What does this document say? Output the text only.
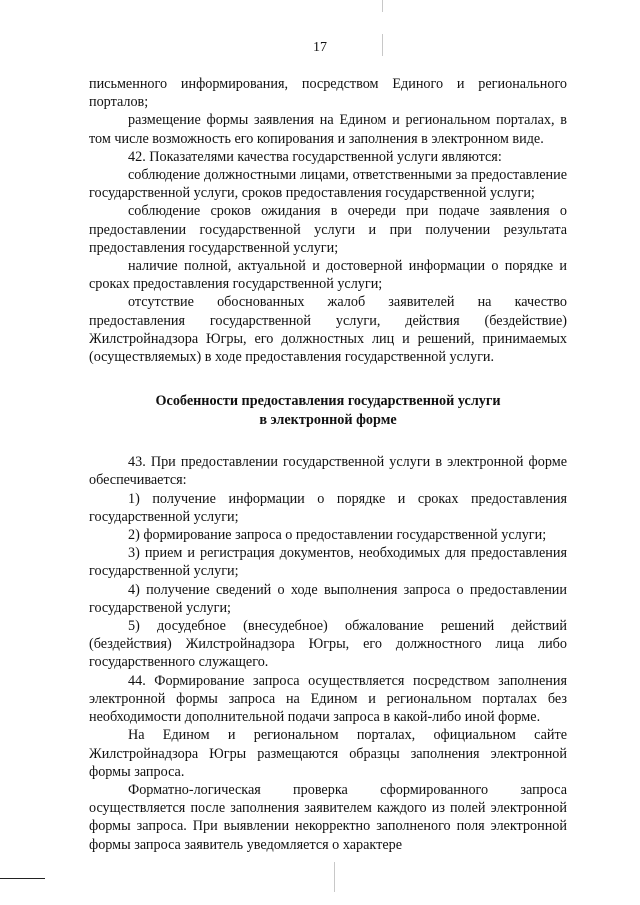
17

письменного информирования, посредством Единого и регионального порталов;

размещение формы заявления на Едином и региональном порталах, в том числе возможность его копирования и заполнения в электронном виде.

42. Показателями качества государственной услуги являются:

соблюдение должностными лицами, ответственными за предоставление государственной услуги, сроков предоставления государственной услуги;

соблюдение сроков ожидания в очереди при подаче заявления о предоставлении государственной услуги и при получении результата предоставления государственной услуги;

наличие полной, актуальной и достоверной информации о порядке и сроках предоставления государственной услуги;

отсутствие обоснованных жалоб заявителей на качество предоставления государственной услуги, действия (бездействие) Жилстройнадзора Югры, его должностных лиц и решений, принимаемых (осуществляемых) в ходе предоставления государственной услуги.

Особенности предоставления государственной услуги
в электронной форме

43. При предоставлении государственной услуги в электронной форме обеспечивается:

1) получение информации о порядке и сроках предоставления государственной услуги;

2) формирование запроса о предоставлении государственной услуги;

3) прием и регистрация документов, необходимых для предоставления государственной услуги;

4) получение сведений о ходе выполнения запроса о предоставлении государственой услуги;

5) досудебное (внесудебное) обжалование решений действий (бездействия) Жилстройнадзора Югры, его должностного лица либо государственного служащего.

44. Формирование запроса осуществляется посредством заполнения электронной формы запроса на Едином и региональном порталах без необходимости дополнительной подачи запроса в какой-либо иной форме.

На Едином и региональном порталах, официальном сайте Жилстройнадзора Югры размещаются образцы заполнения электронной формы запроса.

Форматно-логическая проверка сформированного запроса осуществляется после заполнения заявителем каждого из полей электронной формы запроса. При выявлении некорректно заполненого поля электронной формы запроса заявитель уведомляется о характере
